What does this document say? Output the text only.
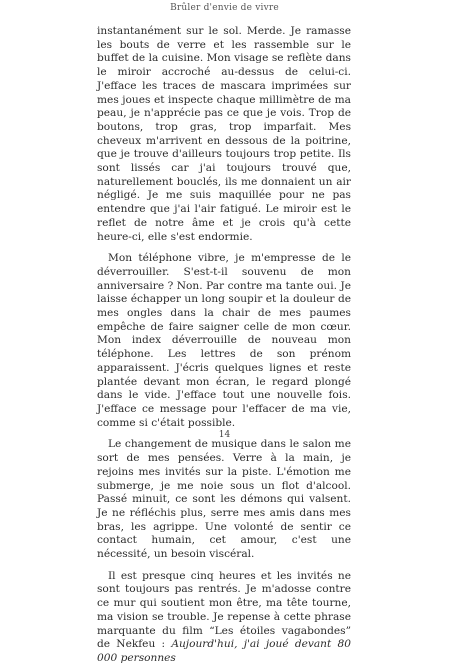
Brûler d'envie de vivre

instantanément sur le sol. Merde. Je ramasse les bouts de verre et les rassemble sur le buffet de la cuisine. Mon visage se reflète dans le miroir accroché au-dessus de celui-ci. J'efface les traces de mascara imprimées sur mes joues et inspecte chaque millimètre de ma peau, je n'apprécie pas ce que je vois. Trop de boutons, trop gras, trop imparfait. Mes cheveux m'arrivent en dessous de la poitrine, que je trouve d'ailleurs toujours trop petite. Ils sont lissés car j'ai toujours trouvé que, naturellement bouclés, ils me donnaient un air négligé. Je me suis maquillée pour ne pas entendre que j'ai l'air fatigué. Le miroir est le reflet de notre âme et je crois qu'à cette heure-ci, elle s'est endormie.

Mon téléphone vibre, je m'empresse de le déverrouiller. S'est-t-il souvenu de mon anniversaire ? Non. Par contre ma tante oui. Je laisse échapper un long soupir et la douleur de mes ongles dans la chair de mes paumes empêche de faire saigner celle de mon cœur. Mon index déverrouille de nouveau mon téléphone. Les lettres de son prénom apparaissent. J'écris quelques lignes et reste plantée devant mon écran, le regard plongé dans le vide. J'efface tout une nouvelle fois. J'efface ce message pour l'effacer de ma vie, comme si c'était possible.

Le changement de musique dans le salon me sort de mes pensées. Verre à la main, je rejoins mes invités sur la piste. L'émotion me submerge, je me noie sous un flot d'alcool. Passé minuit, ce sont les démons qui valsent. Je ne réfléchis plus, serre mes amis dans mes bras, les agrippe. Une volonté de sentir ce contact humain, cet amour, c'est une nécessité, un besoin viscéral.

Il est presque cinq heures et les invités ne sont toujours pas rentrés. Je m'adosse contre ce mur qui soutient mon être, ma tête tourne, ma vision se trouble. Je repense à cette phrase marquante du film “Les étoiles vagabondes” de Nekfeu : Aujourd'hui, j'ai joué devant 80 000 personnes

14
